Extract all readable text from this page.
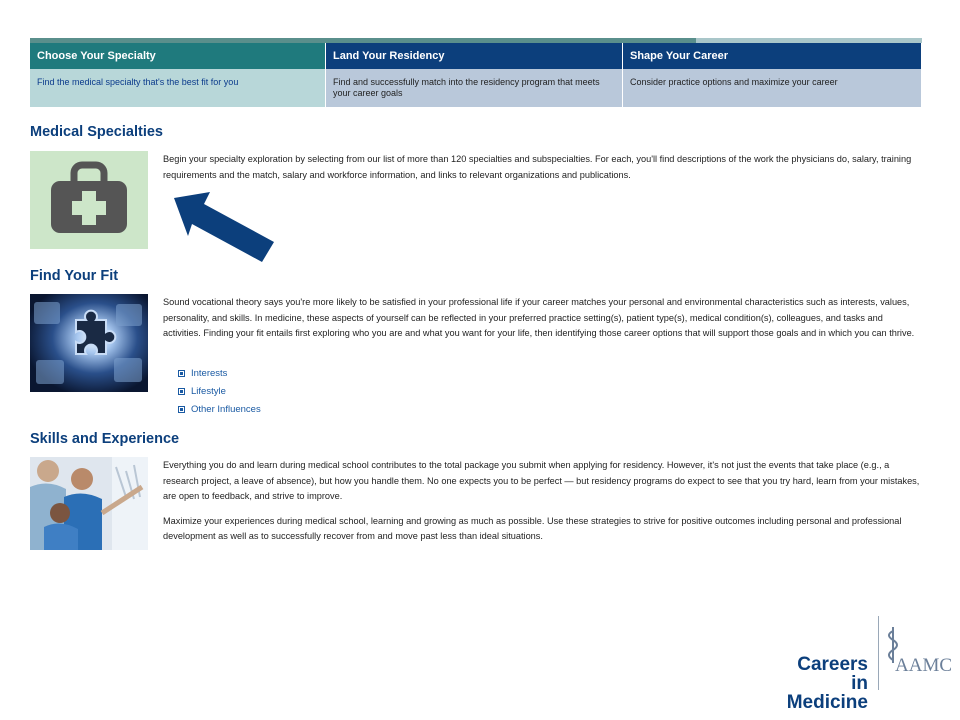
Choose Your Specialty
Find the medical specialty that's the best fit for you
Land Your Residency
Find and successfully match into the residency program that meets your career goals
Shape Your Career
Consider practice options and maximize your career
Medical Specialties
Begin your specialty exploration by selecting from our list of more than 120 specialties and subspecialties. For each, you'll find descriptions of the work the physicians do, salary, training requirements and the match, salary and workforce information, and links to relevant organizations and publications.
Find Your Fit
Sound vocational theory says you're more likely to be satisfied in your professional life if your career matches your personal and environmental characteristics such as interests, values, personality, and skills. In medicine, these aspects of yourself can be reflected in your preferred practice setting(s), patient type(s), medical condition(s), colleagues, and tasks and activities. Finding your fit entails first exploring who you are and what you want for your life, then identifying those career options that will support those goals and in which you can thrive.
Interests
Lifestyle
Other Influences
Skills and Experience

Everything you do and learn during medical school contributes to the total package you submit when applying for residency. However, it's not just the events that take place (e.g., a research project, a leave of absence), but how you handle them. No one expects you to be perfect — but residency programs do expect to see that you try hard, learn from your mistakes, are open to feedback, and strive to improve.

Maximize your experiences during medical school, learning and growing as much as possible. Use these strategies to strive for positive outcomes including personal and professional development as well as to successfully recover from and move past less than ideal situations.

Careers in
Medicine
AAMC
